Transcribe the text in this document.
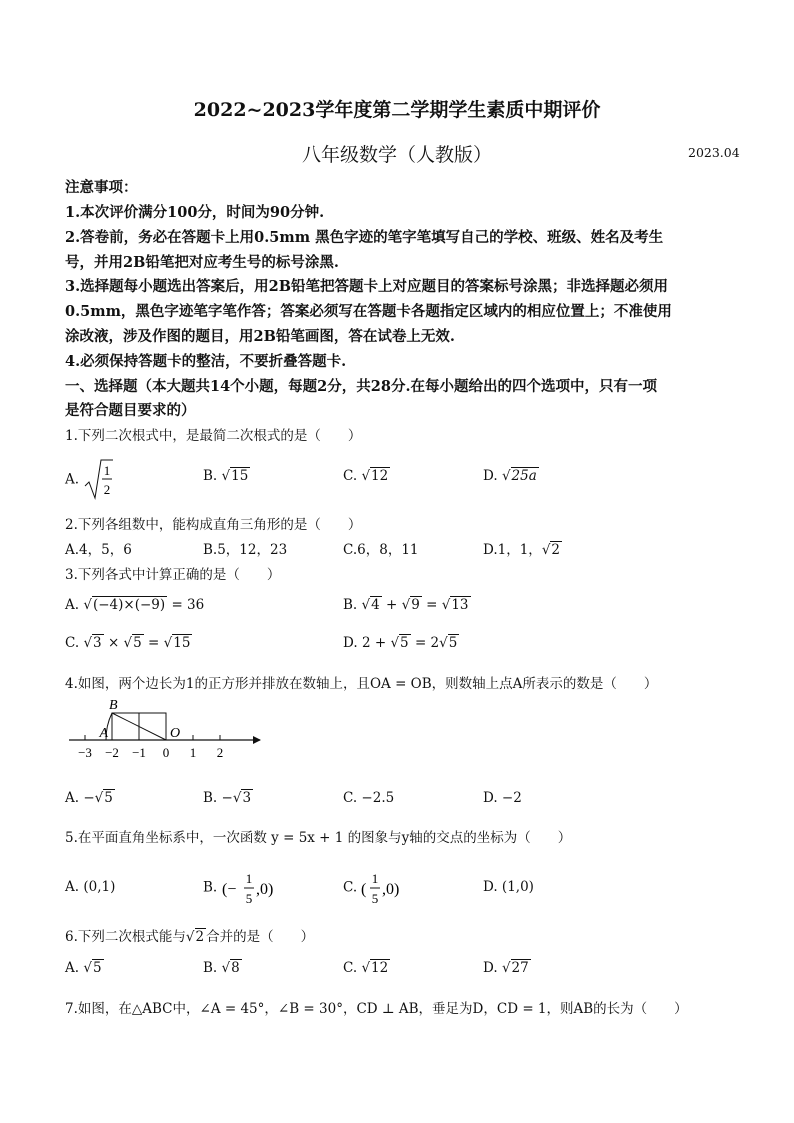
2022~2023学年度第二学期学生素质中期评价
八年级数学（人教版）	2023.04
注意事项：
1.本次评价满分100分，时间为90分钟.
2.答卷前，务必在答题卡上用0.5mm 黑色字迹的笔字笔填写自己的学校、班级、姓名及考生
号，并用2B铅笔把对应考生号的标号涂黑.
3.选择题每小题选出答案后，用2B铅笔把答题卡上对应题目的答案标号涂黑；非选择题必须用
0.5mm，黑色字迹笔字笔作答；答案必须写在答题卡各题指定区域内的相应位置上；不准使用
涂改液，涉及作图的题目，用2B铅笔画图，答在试卷上无效.
4.必须保持答题卡的整洁，不要折叠答题卡.
一、选择题（本大题共14个小题，每题2分，共28分.在每小题给出的四个选项中，只有一项
是符合题目要求的）
1.下列二次根式中，是最简二次根式的是（　　）
A.
1
2
B. √15	C. √12	D. √25a
2.下列各组数中，能构成直角三角形的是（　　）
A.4，5，6	B.5，12，23	C.6，8，11	D.1，1，√2
3.下列各式中计算正确的是（　　）
A. √(−4)×(−9) = 36	B. √4 + √9 = √13
C. √3 × √5 = √15	D. 2 + √5 = 2√5
4.如图，两个边长为1的正方形并排放在数轴上，且OA = OB，则数轴上点A所表示的数是（　　）
B
A	O
−3 −2 −1 0 1 2
A. −√5	B. −√3	C. −2.5	D. −2
5.在平面直角坐标系中，一次函数 y = 5x + 1 的图象与y轴的交点的坐标为（　　）
A. (0,1)	B. (−
1
5
,0)	C. (
1
5
,0)	D. (1,0)
6.下列二次根式能与√2 合并的是（　　）
A. √5	B. √8	C. √12	D. √27
7.如图，在△ABC中，∠A = 45°，∠B = 30°，CD ⊥ AB，垂足为D，CD = 1，则AB的长为（　　）
